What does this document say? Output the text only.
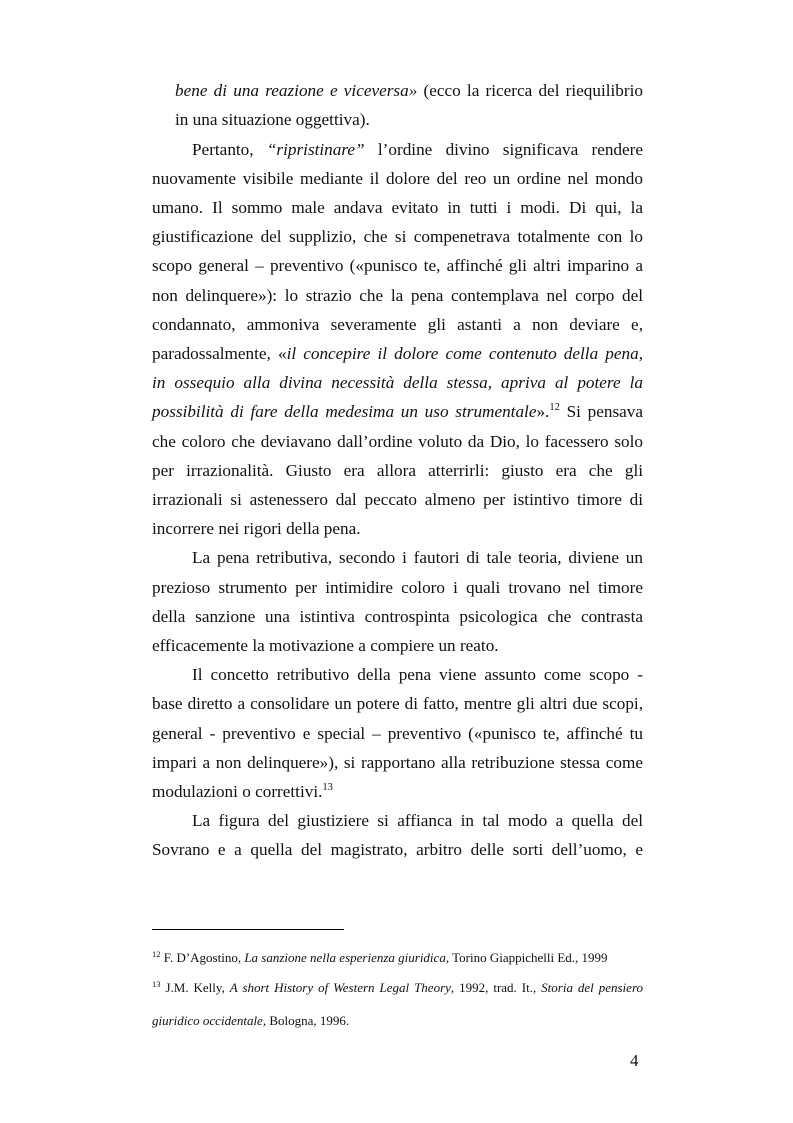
bene di una reazione e viceversa» (ecco la ricerca del riequilibrio
in una situazione oggettiva).
Pertanto, “ripristinare” l’ordine divino significava rendere
nuovamente visibile mediante il dolore del reo un ordine nel mondo
umano. Il sommo male andava evitato in tutti i modi. Di qui, la
giustificazione del supplizio, che si compenetrava totalmente con lo
scopo general – preventivo («punisco te, affinché gli altri imparino a
non delinquere»): lo strazio che la pena contemplava nel corpo del
condannato, ammoniva severamente gli astanti a non deviare e,
paradossalmente, «il concepire il dolore come contenuto della pena,
in ossequio alla divina necessità della stessa, apriva al potere la
possibilità di fare della medesima un uso strumentale».$^{12}$ Si pensava
che coloro che deviavano dall’ordine voluto da Dio, lo facessero solo
per irrazionalità. Giusto era allora atterrirli: giusto era che gli
irrazionali si astenessero dal peccato almeno per istintivo timore di
incorrere nei rigori della pena.
La pena retributiva, secondo i fautori di tale teoria, diviene un
prezioso strumento per intimidire coloro i quali trovano nel timore
della sanzione una istintiva controspinta psicologica che contrasta
efficacemente la motivazione a compiere un reato.
Il concetto retributivo della pena viene assunto come scopo -
base diretto a consolidare un potere di fatto, mentre gli altri due scopi,
general - preventivo e special – preventivo («punisco te, affinché tu
impari a non delinquere»), si rapportano alla retribuzione stessa come
modulazioni o correttivi.$^{13}$
La figura del giustiziere si affianca in tal modo a quella del
Sovrano e a quella del magistrato, arbitro delle sorti dell’uomo, e
$^{12}$ F. D’Agostino, La sanzione nella esperienza giuridica, Torino Giappichelli Ed., 1999
$^{13}$ J.M. Kelly, A short History of Western Legal Theory, 1992, trad. It., Storia del pensiero
giuridico occidentale, Bologna, 1996.
4
